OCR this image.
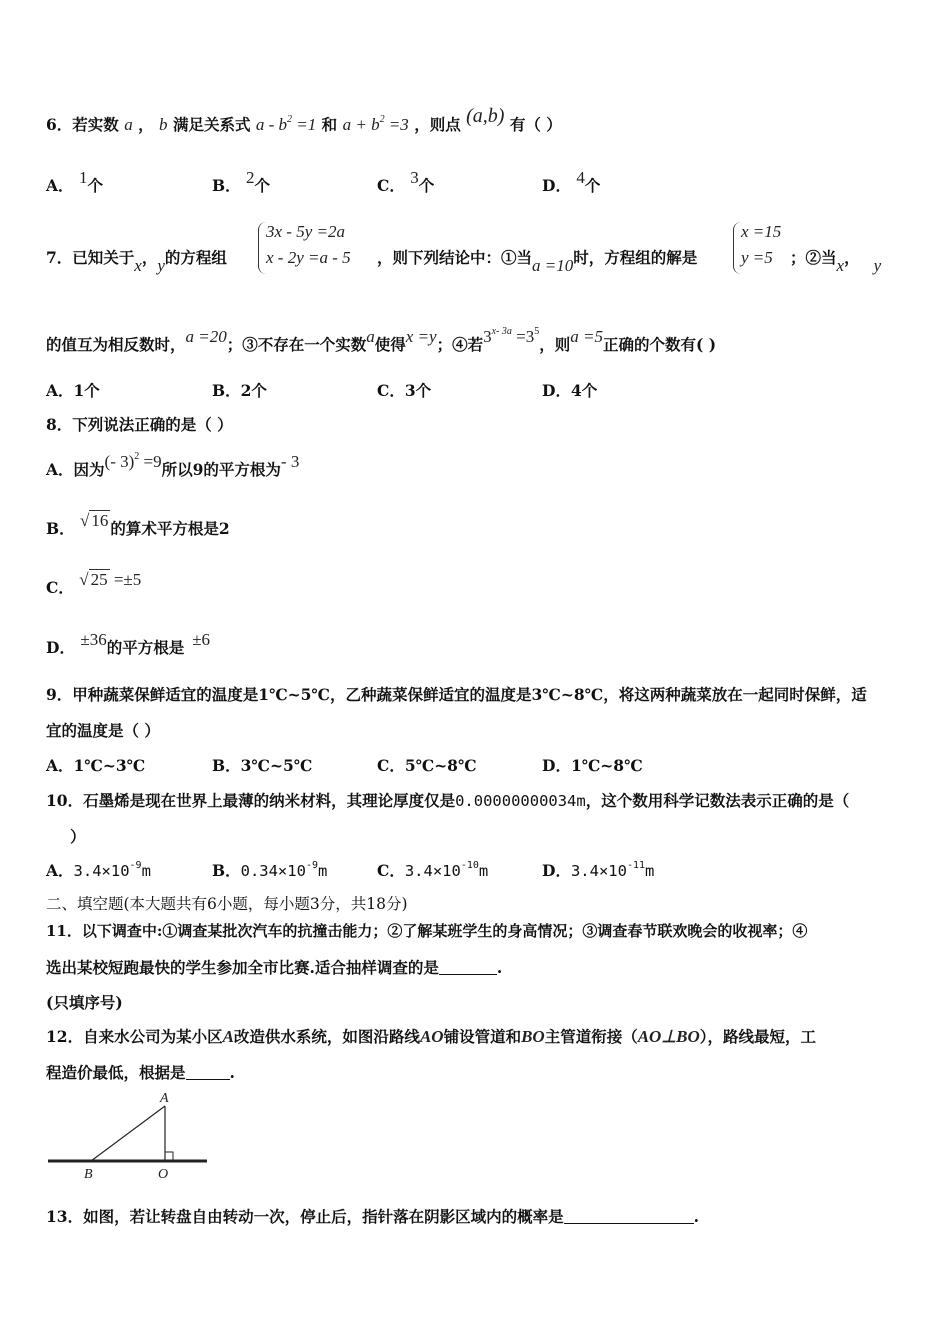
6．若实数 a ， b 满足关系式 $a - b^2 =1$ 和 $a + b^2 =3$ ，则点 (a,b) 有（ ）
A． 1个	B． 2个	C． 3个	D． 4个
7．已知关于x，y的方程组
3x - 5y =2a
x - 2y =a - 5 ，则下列结论中：①当a =10时，方程组的解是
x =15
y =5 ；②当x， y
的值互为相反数时，a =20；③不存在一个实数a使得x =y；④若$3^{x- 3a} =3^5$，则a =5正确的个数有( )
A．1个	B．2个	C．3个	D．4个
8．下列说法正确的是（ ）
A．因为(- 3)$^2$ =9所以9的平方根为- 3
B． √ 16 的算术平方根是2
C． √ 25 =±5
D． ±36的平方根是 ±6
9．甲种蔬菜保鲜适宜的温度是1℃~5℃，乙种蔬菜保鲜适宜的温度是3℃~8℃，将这两种蔬菜放在一起同时保鲜，适
宜的温度是（ ）
A．1℃~3℃	B．3℃~5℃	C．5℃~8℃	D．1℃~8℃
10．石墨烯是现在世界上最薄的纳米材料，其理论厚度仅是0.00000000034m，这个数用科学记数法表示正确的是（
）
A．$3.4\times 10^{-9}m$	B．$0.34\times 10^{-9}m$	C．$3.4\times 10^{-10}m$	D．$3.4\times 10^{-11}m$
二、填空题(本大题共有6小题，每小题3分，共18分)
11．以下调查中:①调查某批次汽车的抗撞击能力；②了解某班学生的身高情况；③调查春节联欢晚会的收视率；④
选出某校短跑最快的学生参加全市比赛.适合抽样调查的是	.
(只填序号)
12．自来水公司为某小区A改造供水系统，如图沿路线AO铺设管道和BO主管道衔接（AO⊥BO），路线最短，工
程造价最低，根据是	.
A
B	O
13．如图，若让转盘自由转动一次，停止后，指针落在阴影区域内的概率是	.
